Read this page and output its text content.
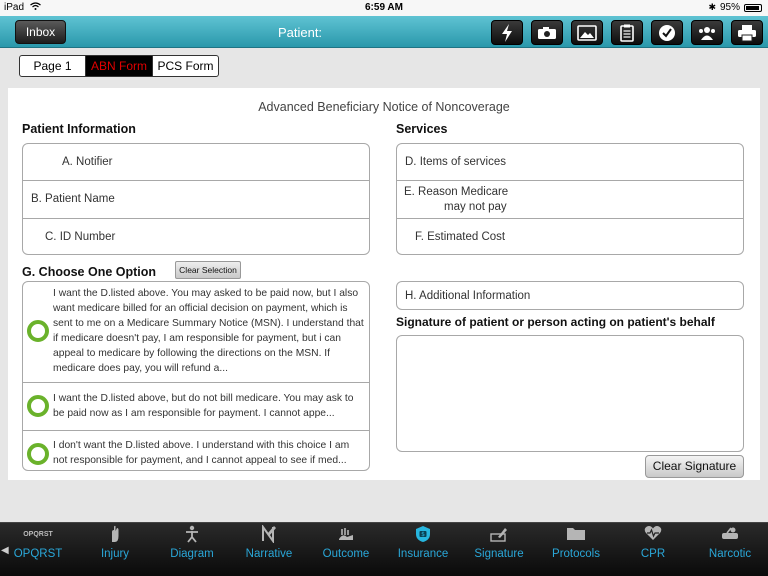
iPad	6:59 AM	✱ 95%
Inbox	Patient:
Page 1	ABN Form PCS Form
Advanced Beneficiary Notice of Noncoverage
Patient Information	Services
A. Notifier
B. Patient Name
C. ID Number
D. Items of services
E. Reason Medicare
may not pay
F. Estimated Cost
G. Choose One Option	Clear Selection
I want the D.listed above. You may asked to be paid now, but I also want medicare billed for an official decision on payment, which is sent to me on a Medicare Summary Notice (MSN). I understand that if medicare doesn't pay, I am responsible for payment, but i can appeal to medicare by following the directions on the MSN. If medicare does pay, you will refund a...
I want the D.listed above, but do not bill medicare. You may ask to be paid now as I am responsible for payment. I cannot appe...
I don't want the D.listed above. I understand with this choice I am not responsible for payment, and I cannot appeal to see if med...
H. Additional Information
Signature of patient or person acting on patient's behalf
Clear Signature
OPQRST
OPQRST	Injury	Diagram	Narrative	Outcome
$
Insurance	Signature	Protocols	CPR	Narcotic
◀
